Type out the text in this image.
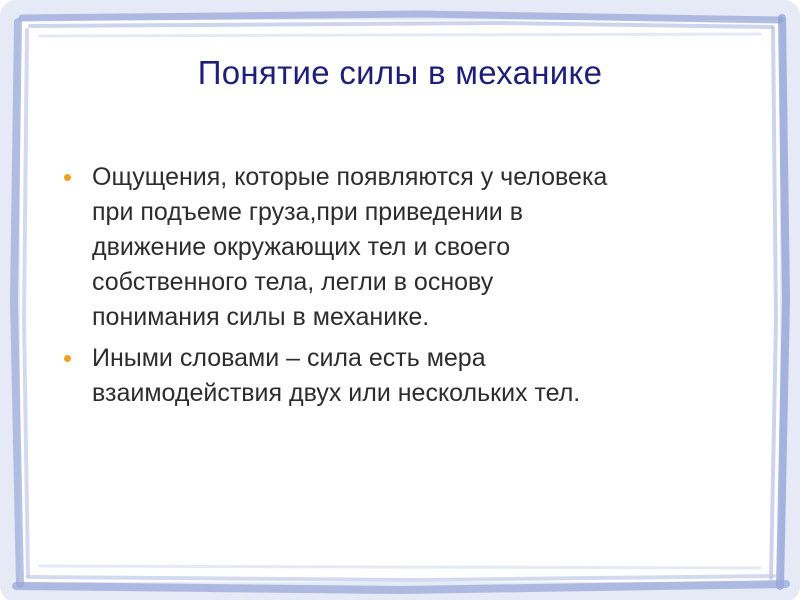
Понятие силы в механике
Ощущения, которые появляются у человека
при подъеме груза,при приведении в
движение окружающих тел и своего
собственного тела, легли в основу
понимания силы в механике.
Иными словами – сила есть мера
взаимодействия двух или нескольких тел.
